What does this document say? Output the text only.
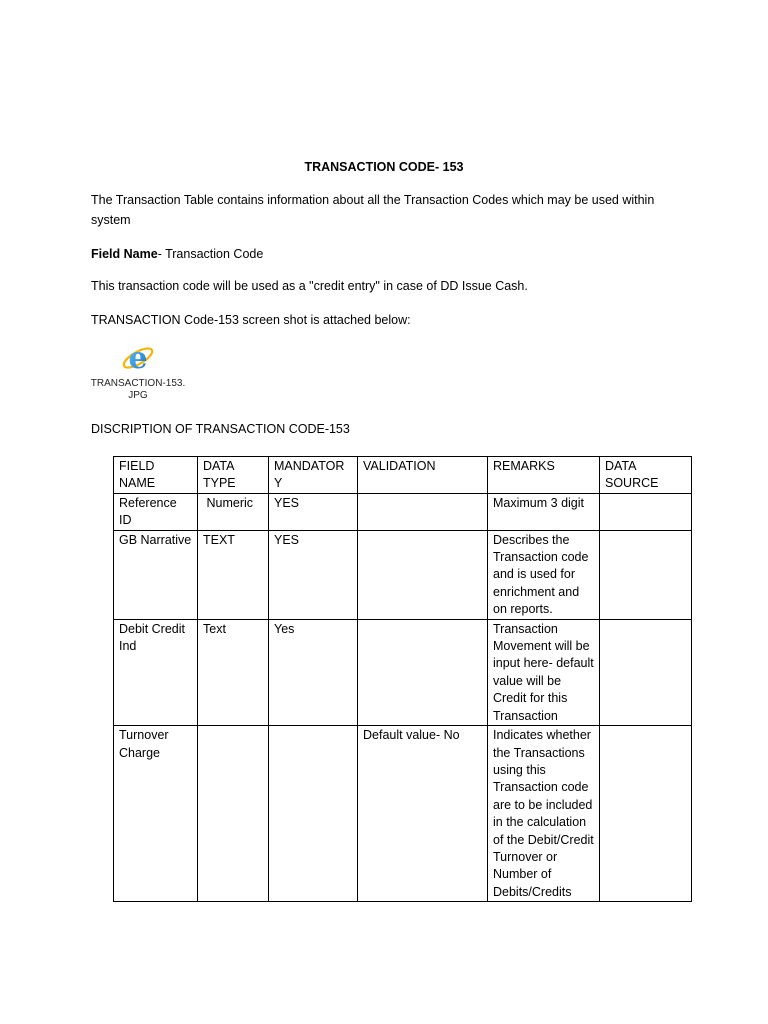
TRANSACTION CODE- 153
The Transaction Table contains information about all the Transaction Codes which may be used within system
Field Name- Transaction Code
This transaction code will be used as a "credit entry" in case of DD Issue Cash.
TRANSACTION Code-153 screen shot is attached below:
e
TRANSACTION-153.
JPG
DISCRIPTION OF TRANSACTION CODE-153
FIELD NAME	DATA TYPE	MANDATORY	VALIDATION	REMARKS	DATA SOURCE
Reference ID	Numeric	YES		Maximum 3 digit	
GB Narrative	TEXT	YES		Describes the Transaction code and is used for enrichment and on reports.	
Debit Credit Ind	Text	Yes		Transaction Movement will be input here- default value will be Credit for this Transaction	
Turnover Charge			Default value- No	Indicates whether the Transactions using this Transaction code are to be included in the calculation of the Debit/Credit Turnover or Number of Debits/Credits	
